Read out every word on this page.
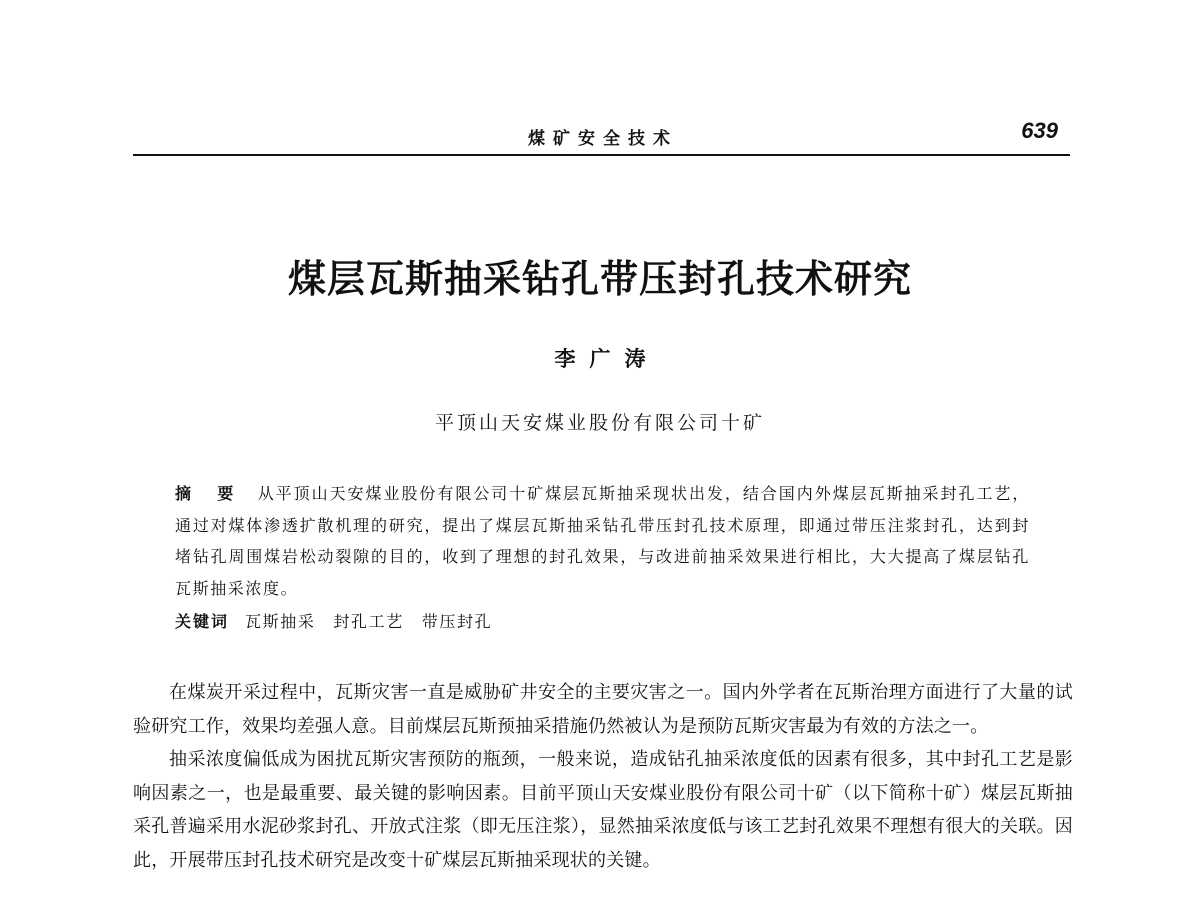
煤矿安全技术	639
煤层瓦斯抽采钻孔带压封孔技术研究
李广涛
平顶山天安煤业股份有限公司十矿
摘 要 从平顶山天安煤业股份有限公司十矿煤层瓦斯抽采现状出发，结合国内外煤层瓦斯抽采封孔工艺，通过对煤体渗透扩散机理的研究，提出了煤层瓦斯抽采钻孔带压封孔技术原理，即通过带压注浆封孔，达到封堵钻孔周围煤岩松动裂隙的目的，收到了理想的封孔效果，与改进前抽采效果进行相比，大大提高了煤层钻孔瓦斯抽采浓度。
关键词 瓦斯抽采 封孔工艺 带压封孔

在煤炭开采过程中，瓦斯灾害一直是威胁矿井安全的主要灾害之一。国内外学者在瓦斯治理方面进行了大量的试验研究工作，效果均差强人意。目前煤层瓦斯预抽采措施仍然被认为是预防瓦斯灾害最为有效的方法之一。

抽采浓度偏低成为困扰瓦斯灾害预防的瓶颈，一般来说，造成钻孔抽采浓度低的因素有很多，其中封孔工艺是影响因素之一，也是最重要、最关键的影响因素。目前平顶山天安煤业股份有限公司十矿（以下简称十矿）煤层瓦斯抽采孔普遍采用水泥砂浆封孔、开放式注浆（即无压注浆），显然抽采浓度低与该工艺封孔效果不理想有很大的关联。因此，开展带压封孔技术研究是改变十矿煤层瓦斯抽采现状的关键。
